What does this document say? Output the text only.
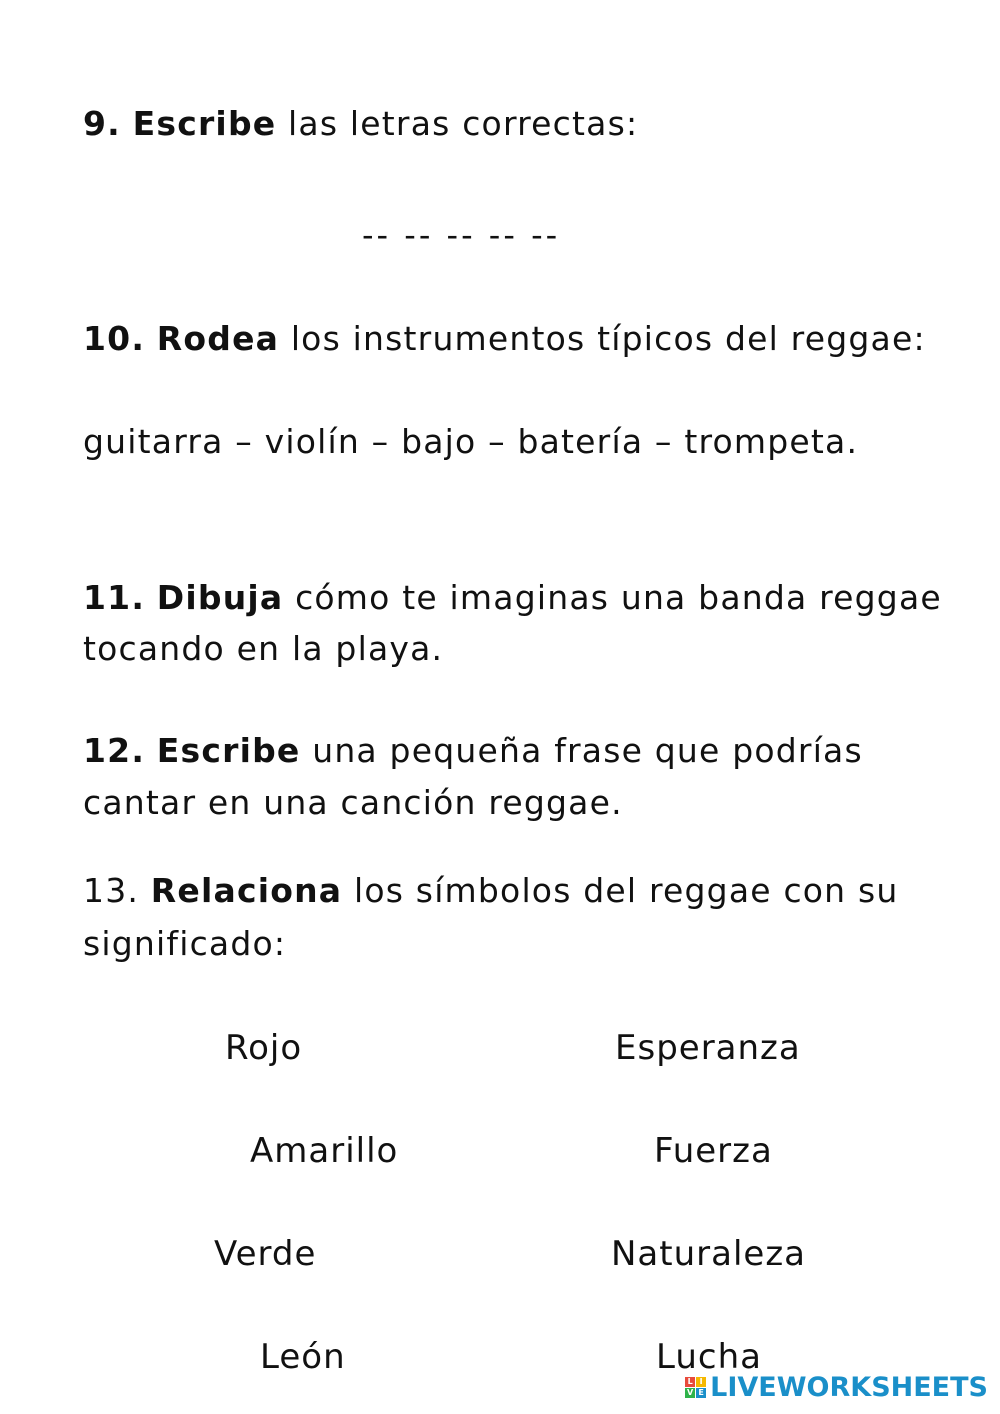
9. Escribe las letras correctas:

-- -- -- -- --

10. Rodea los instrumentos típicos del reggae:

guitarra – violín – bajo – batería – trompeta.

11. Dibuja cómo te imaginas una banda reggae

tocando en la playa.

12. Escribe una pequeña frase que podrías

cantar en una canción reggae.

13. Relaciona los símbolos del reggae con su

significado:

Rojo
Amarillo
Verde
León
Esperanza
Fuerza
Naturaleza
Lucha
L I
V E LIVEWORKSHEETS
